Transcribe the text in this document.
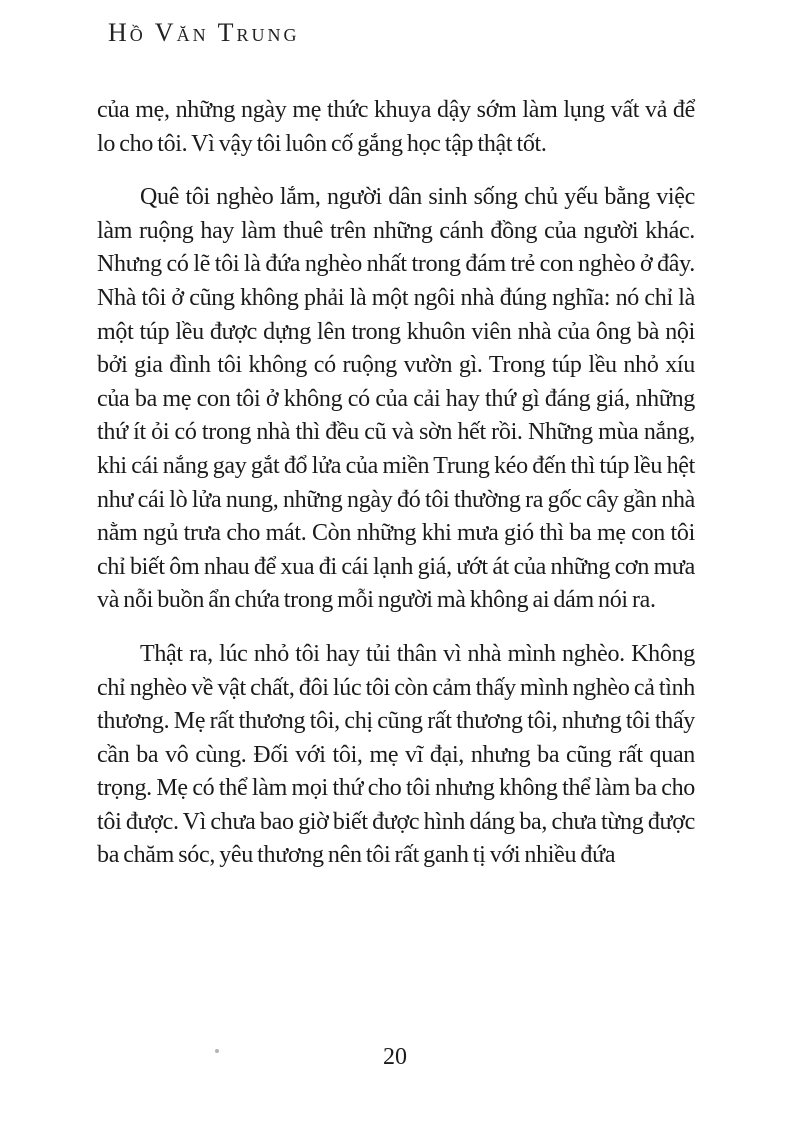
Hồ Văn Trung

của mẹ, những ngày mẹ thức khuya dậy sớm làm lụng vất vả để lo cho tôi. Vì vậy tôi luôn cố gắng học tập thật tốt.

Quê tôi nghèo lắm, người dân sinh sống chủ yếu bằng việc làm ruộng hay làm thuê trên những cánh đồng của người khác. Nhưng có lẽ tôi là đứa nghèo nhất trong đám trẻ con nghèo ở đây. Nhà tôi ở cũng không phải là một ngôi nhà đúng nghĩa: nó chỉ là một túp lều được dựng lên trong khuôn viên nhà của ông bà nội bởi gia đình tôi không có ruộng vườn gì. Trong túp lều nhỏ xíu của ba mẹ con tôi ở không có của cải hay thứ gì đáng giá, những thứ ít ỏi có trong nhà thì đều cũ và sờn hết rồi. Những mùa nắng, khi cái nắng gay gắt đổ lửa của miền Trung kéo đến thì túp lều hệt như cái lò lửa nung, những ngày đó tôi thường ra gốc cây gần nhà nằm ngủ trưa cho mát. Còn những khi mưa gió thì ba mẹ con tôi chỉ biết ôm nhau để xua đi cái lạnh giá, ướt át của những cơn mưa và nỗi buồn ẩn chứa trong mỗi người mà không ai dám nói ra.

Thật ra, lúc nhỏ tôi hay tủi thân vì nhà mình nghèo. Không chỉ nghèo về vật chất, đôi lúc tôi còn cảm thấy mình nghèo cả tình thương. Mẹ rất thương tôi, chị cũng rất thương tôi, nhưng tôi thấy cần ba vô cùng. Đối với tôi, mẹ vĩ đại, nhưng ba cũng rất quan trọng. Mẹ có thể làm mọi thứ cho tôi nhưng không thể làm ba cho tôi được. Vì chưa bao giờ biết được hình dáng ba, chưa từng được ba chăm sóc, yêu thương nên tôi rất ganh tị với nhiều đứa

20
